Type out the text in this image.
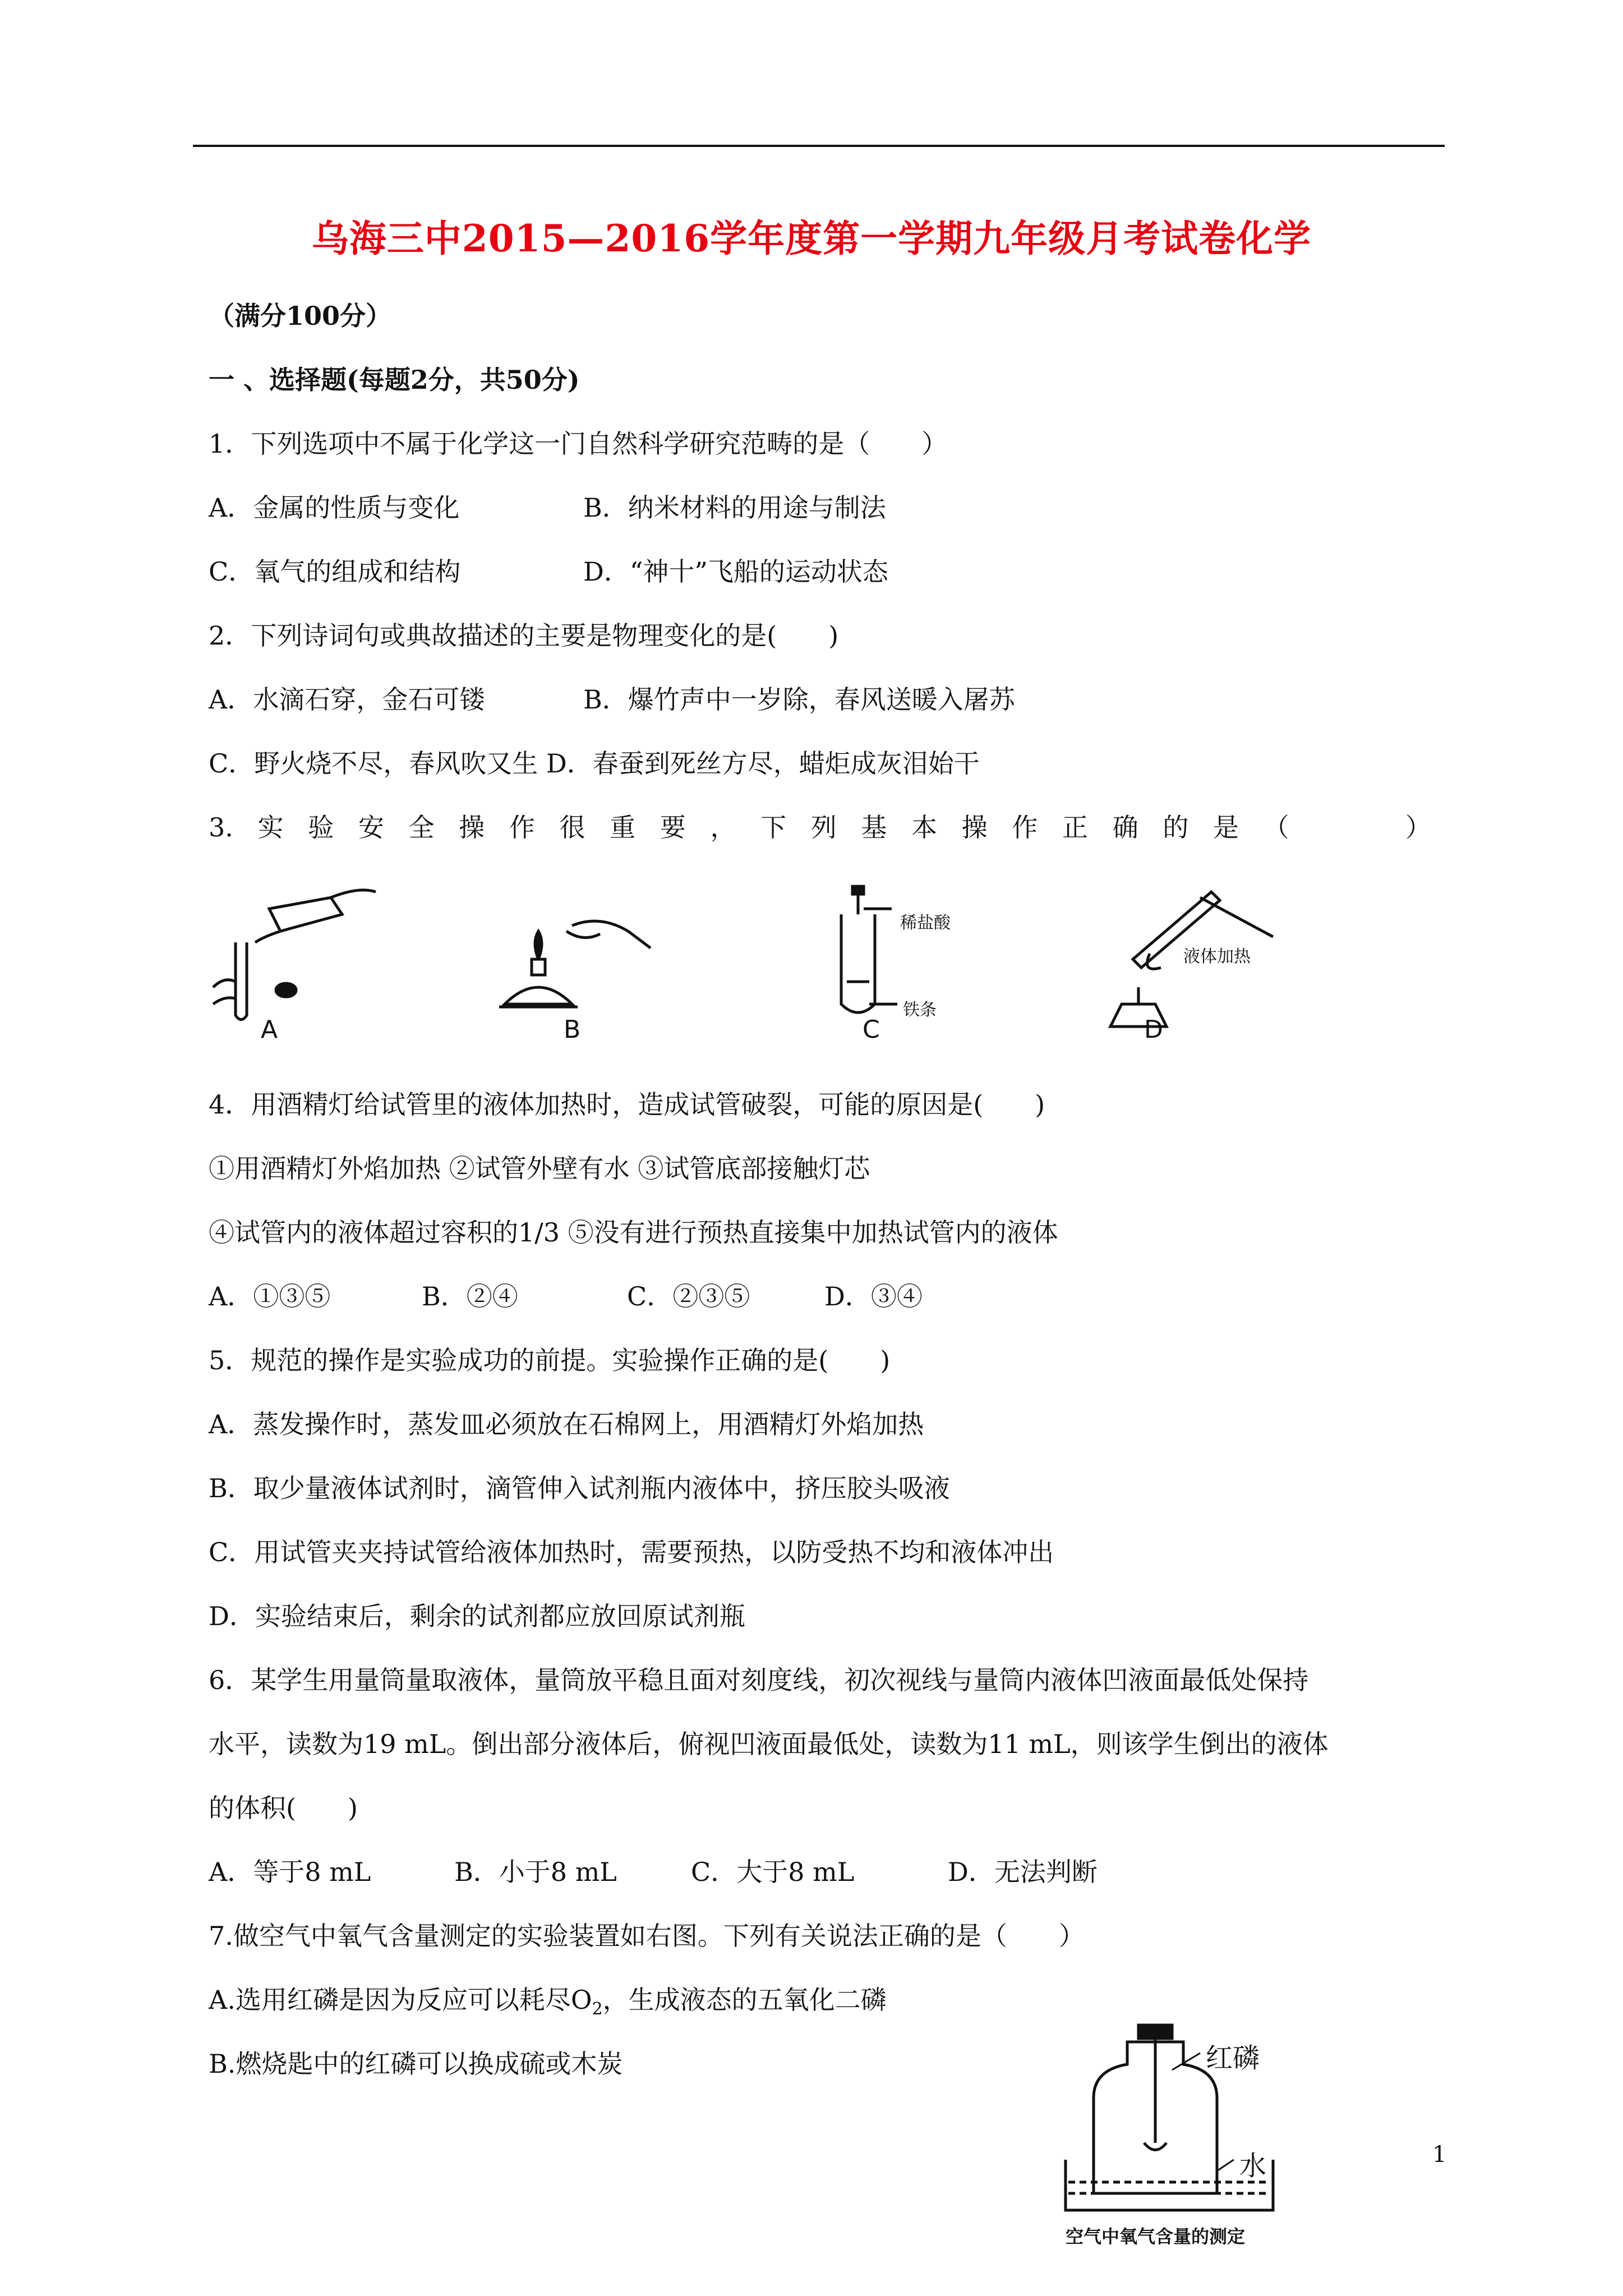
乌海三中2015—2016学年度第一学期九年级月考试卷化学
（满分100分）
一 、选择题(每题2分，共50分)
1．下列选项中不属于化学这一门自然科学研究范畴的是（　　）
A．金属的性质与变化	B．纳米材料的用途与制法
C．氧气的组成和结构	D．“神十”飞船的运动状态
2．下列诗词句或典故描述的主要是物理变化的是(　　)
A．水滴石穿，金石可镂	B．爆竹声中一岁除，春风送暖入屠苏
C．野火烧不尽，春风吹又生 D．春蚕到死丝方尽，蜡炬成灰泪始干
3. 实 验 安 全 操 作 很 重 要 ， 下 列 基 本 操 作 正 确 的 是 （	）
A	B
稀盐酸
铁条
C
液体加热
D
4．用酒精灯给试管里的液体加热时，造成试管破裂，可能的原因是(　　)
①用酒精灯外焰加热 ②试管外壁有水 ③试管底部接触灯芯
④试管内的液体超过容积的1/3 ⑤没有进行预热直接集中加热试管内的液体
A．①③⑤	B．②④	C．②③⑤	D．③④
5．规范的操作是实验成功的前提。实验操作正确的是(　　)
A．蒸发操作时，蒸发皿必须放在石棉网上，用酒精灯外焰加热
B．取少量液体试剂时，滴管伸入试剂瓶内液体中，挤压胶头吸液
C．用试管夹夹持试管给液体加热时，需要预热，以防受热不均和液体冲出
D．实验结束后，剩余的试剂都应放回原试剂瓶
6．某学生用量筒量取液体，量筒放平稳且面对刻度线，初次视线与量筒内液体凹液面最低处保持
水平，读数为19 mL。倒出部分液体后，俯视凹液面最低处，读数为11 mL，则该学生倒出的液体
的体积(　　)
A．等于8 mL	B．小于8 mL	C．大于8 mL	D．无法判断
7.做空气中氧气含量测定的实验装置如右图。下列有关说法正确的是（　　）
A.选用红磷是因为反应可以耗尽$O_2$，生成液态的五氧化二磷
B.燃烧匙中的红磷可以换成硫或木炭	红磷
水
空气中氧气含量的测定
1
